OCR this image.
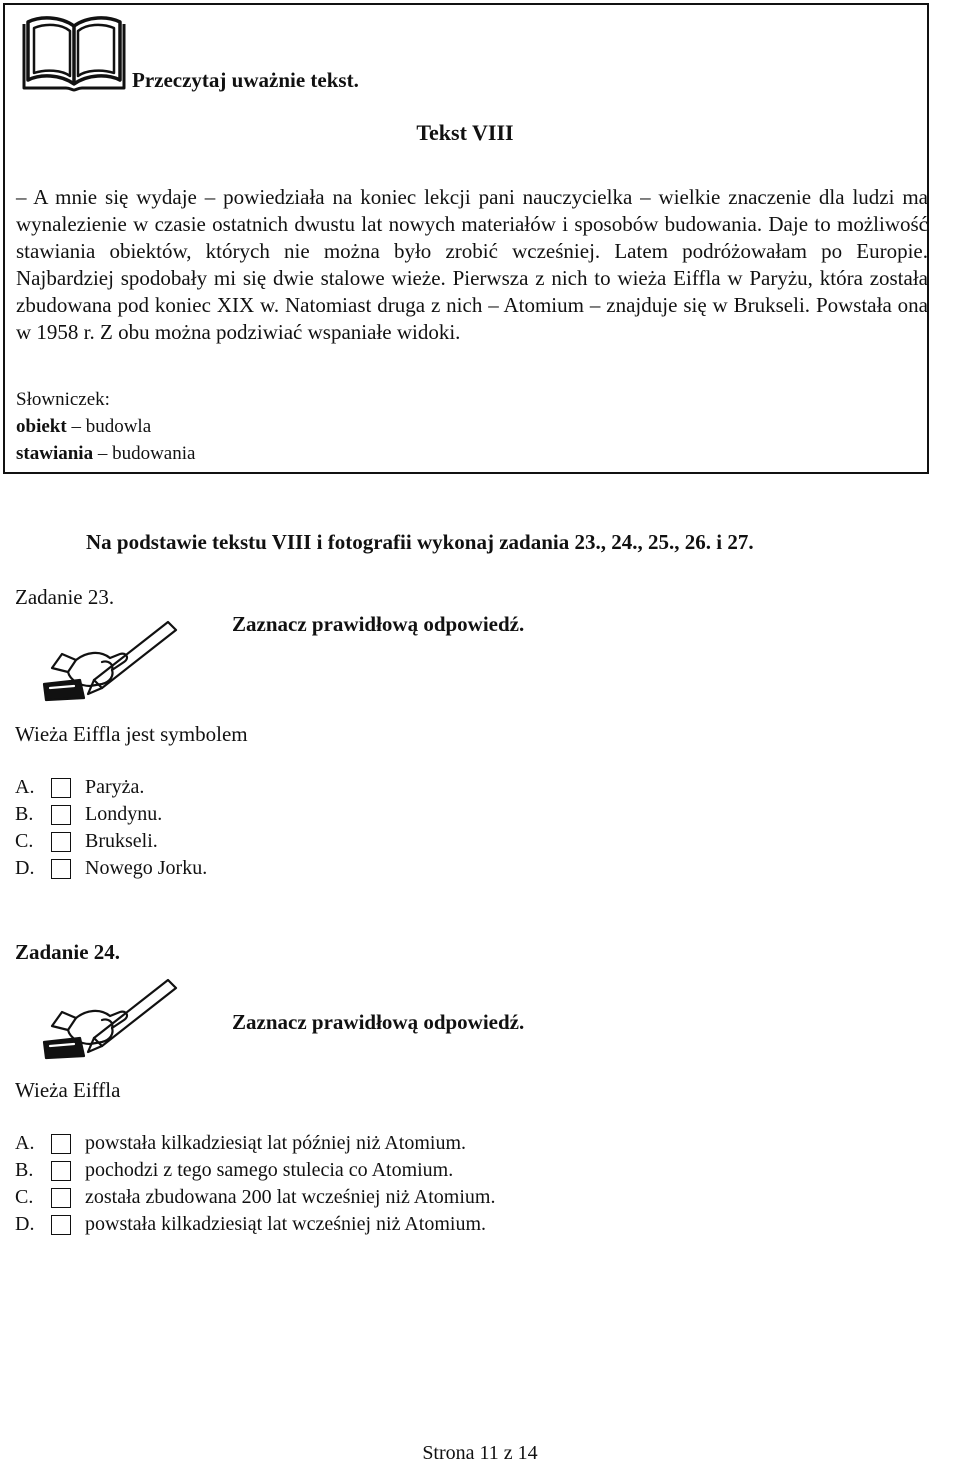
Przeczytaj uważnie tekst.
Tekst VIII
– A mnie się wydaje – powiedziała na koniec lekcji pani nauczycielka – wielkie znaczenie dla ludzi ma wynalezienie w czasie ostatnich dwustu lat nowych materiałów i sposobów budowania. Daje to możliwość stawiania obiektów, których nie można było zrobić wcześniej. Latem podróżowałam po Europie. Najbardziej spodobały mi się dwie stalowe wieże. Pierwsza z nich to wieża Eiffla w Paryżu, która została zbudowana pod koniec XIX w. Natomiast druga z nich – Atomium – znajduje się w Brukseli. Powstała ona w 1958 r. Z obu można podziwiać wspaniałe widoki.
Słowniczek:
obiekt – budowla
stawiania – budowania
Na podstawie tekstu VIII i fotografii wykonaj zadania 23., 24., 25., 26. i 27.
Zadanie 23.
Zaznacz prawidłową odpowiedź.
Wieża Eiffla jest symbolem
A.	Paryża.
B.	Londynu.
C.	Brukseli.
D.	Nowego Jorku.
Zadanie 24.
Zaznacz prawidłową odpowiedź.
Wieża Eiffla
A.	powstała kilkadziesiąt lat później niż Atomium.
B.	pochodzi z tego samego stulecia co Atomium.
C.	została zbudowana 200 lat wcześniej niż Atomium.
D.	powstała kilkadziesiąt lat wcześniej niż Atomium.
Strona 11 z 14
